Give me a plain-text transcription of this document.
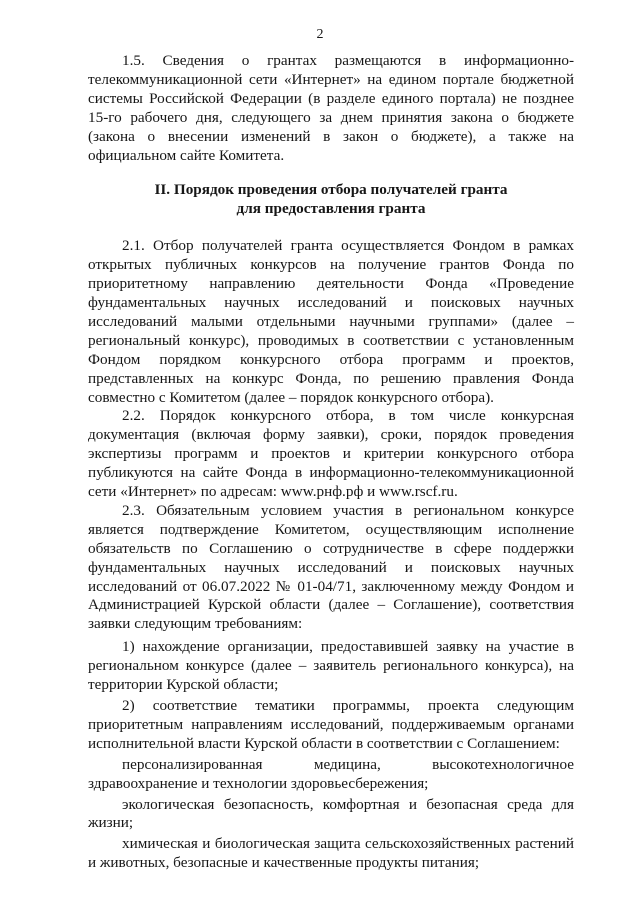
2

1.5. Сведения о грантах размещаются в информационно-телекоммуникационной сети «Интернет» на едином портале бюджетной системы Российской Федерации (в разделе единого портала) не позднее 15-го рабочего дня, следующего за днем принятия закона о бюджете (закона о внесении изменений в закон о бюджете), а также на официальном сайте Комитета.

II. Порядок проведения отбора получателей гранта
для предоставления гранта

2.1. Отбор получателей гранта осуществляется Фондом в рамках открытых публичных конкурсов на получение грантов Фонда по приоритетному направлению деятельности Фонда «Проведение фундаментальных научных исследований и поисковых научных исследований малыми отдельными научными группами» (далее – региональный конкурс), проводимых в соответствии с установленным Фондом порядком конкурсного отбора программ и проектов, представленных на конкурс Фонда, по решению правления Фонда совместно с Комитетом (далее – порядок конкурсного отбора).

2.2. Порядок конкурсного отбора, в том числе конкурсная документация (включая форму заявки), сроки, порядок проведения экспертизы программ и проектов и критерии конкурсного отбора публикуются на сайте Фонда в информационно-телекоммуникационной сети «Интернет» по адресам: www.рнф.рф и www.rscf.ru.

2.3. Обязательным условием участия в региональном конкурсе является подтверждение Комитетом, осуществляющим исполнение обязательств по Соглашению о сотрудничестве в сфере поддержки фундаментальных научных исследований и поисковых научных исследований от 06.07.2022 № 01-04/71, заключенному между Фондом и Администрацией Курской области (далее – Соглашение), соответствия заявки следующим требованиям:

1) нахождение организации, предоставившей заявку на участие в региональном конкурсе (далее – заявитель регионального конкурса), на территории Курской области;

2) соответствие тематики программы, проекта следующим приоритетным направлениям исследований, поддерживаемым органами исполнительной власти Курской области в соответствии с Соглашением:

персонализированная медицина, высокотехнологичное здравоохранение и технологии здоровьесбережения;

экологическая безопасность, комфортная и безопасная среда для жизни;

химическая и биологическая защита сельскохозяйственных растений и животных, безопасные и качественные продукты питания;
